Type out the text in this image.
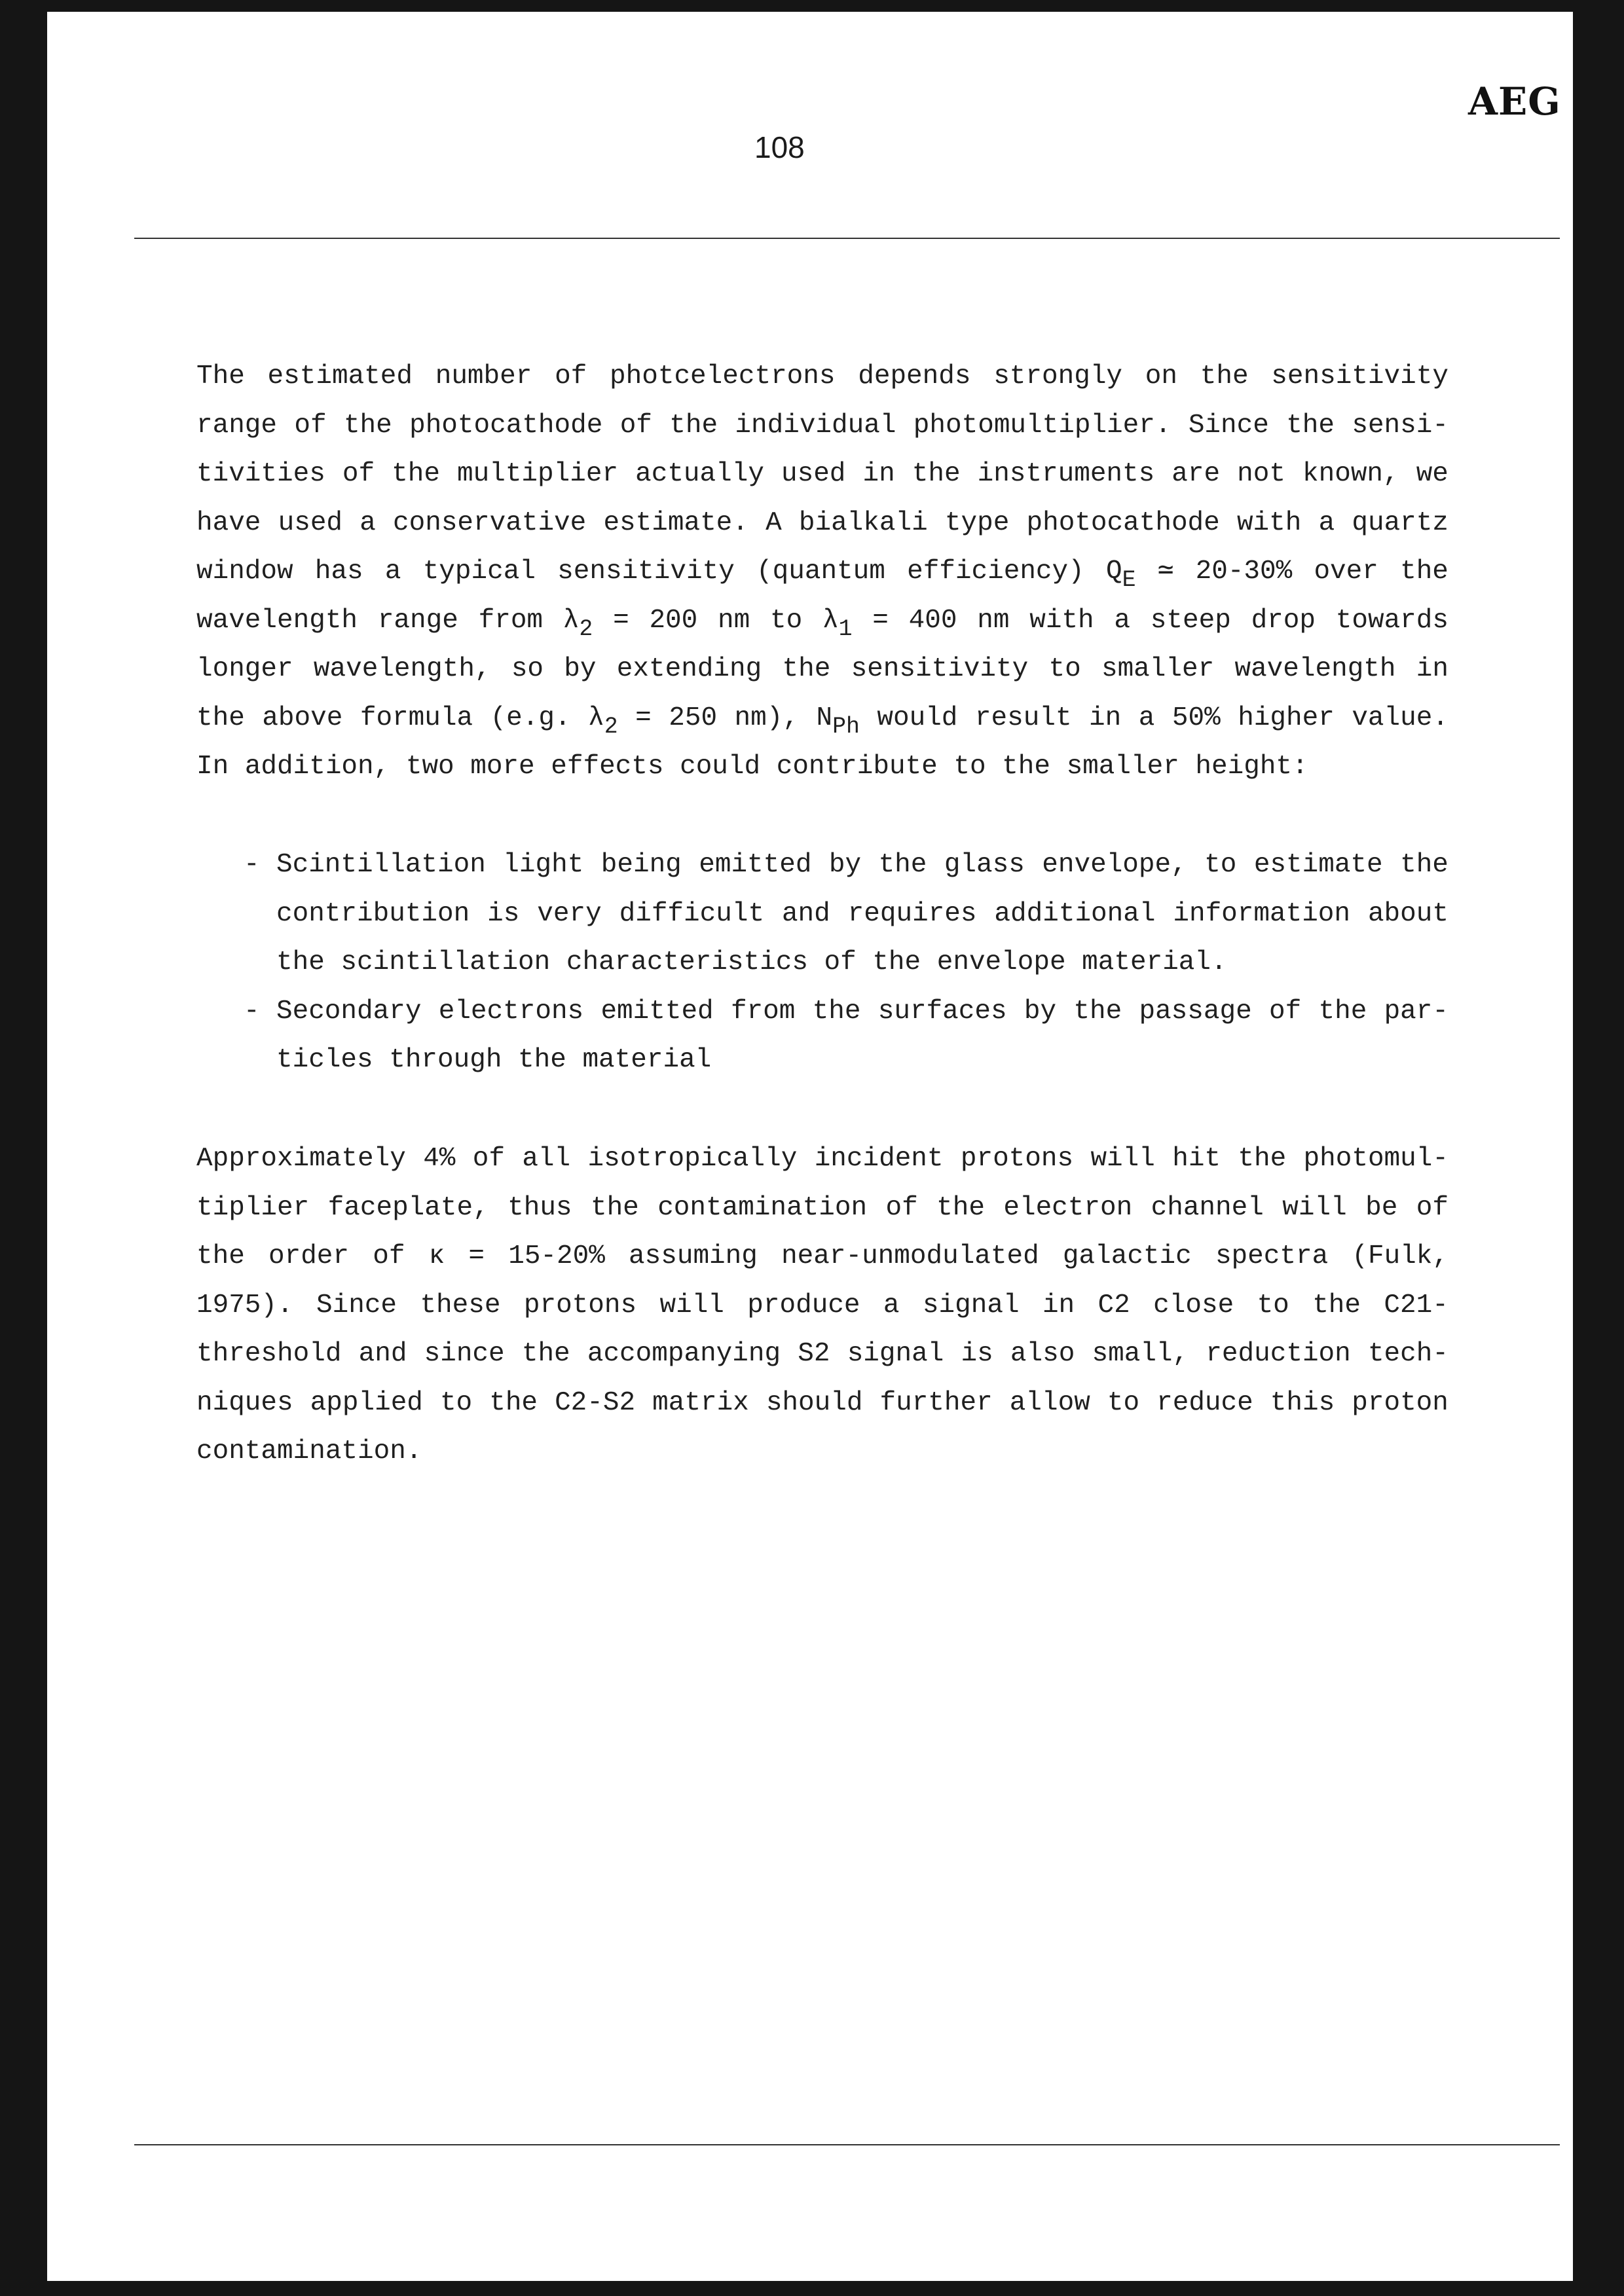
AEG
108
The estimated number of photcelectrons depends strongly on the sensitivity
range of the photocathode of the individual photomultiplier. Since the sensi-
tivities of the multiplier actually used in the instruments are not known, we
have used a conservative estimate. A bialkali type photocathode with a quartz
window has a typical sensitivity (quantum efficiency) $Q_E$ ≃ 20-30% over the
wavelength range from $\lambda_2 = 200$ nm to $\lambda_1 = 400$ nm with a steep drop towards
longer wavelength, so by extending the sensitivity to smaller wavelength in
the above formula (e.g. $\lambda_2 = 250$ nm), $N_{Ph}$ would result in a 50% higher value.
In addition, two more effects could contribute to the smaller height:
- Scintillation light being emitted by the glass envelope, to estimate the
contribution is very difficult and requires additional information about
the scintillation characteristics of the envelope material.
- Secondary electrons emitted from the surfaces by the passage of the par-
ticles through the material
Approximately 4% of all isotropically incident protons will hit the photomul-
tiplier faceplate, thus the contamination of the electron channel will be of
the order of κ = 15-20% assuming near-unmodulated galactic spectra (Fulk,
1975). Since these protons will produce a signal in C2 close to the C21-
threshold and since the accompanying S2 signal is also small, reduction tech-
niques applied to the C2-S2 matrix should further allow to reduce this proton
contamination.
